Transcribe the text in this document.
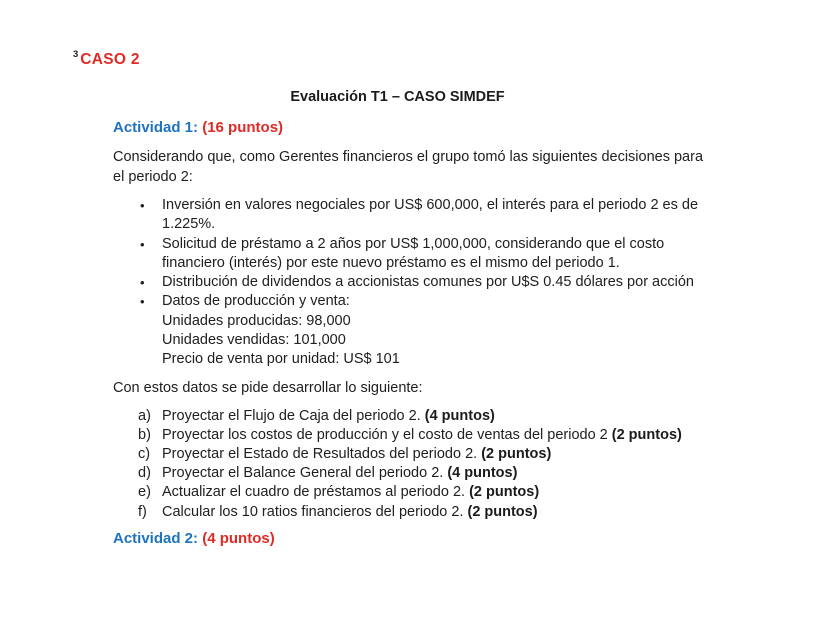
$^3$ CASO 2
Evaluación T1 – CASO SIMDEF
Actividad 1: (16 puntos)

Considerando que, como Gerentes financieros el grupo tomó las siguientes decisiones para el periodo 2:

• Inversión en valores negociales por US$ 600,000, el interés para el periodo 2 es de 1.225%.
• Solicitud de préstamo a 2 años por US$ 1,000,000, considerando que el costo financiero (interés) por este nuevo préstamo es el mismo del periodo 1.
• Distribución de dividendos a accionistas comunes por U$S 0.45 dólares por acción
• Datos de producción y venta:
Unidades producidas: 98,000
Unidades vendidas: 101,000
Precio de venta por unidad: US$ 101

Con estos datos se pide desarrollar lo siguiente:

a) Proyectar el Flujo de Caja del periodo 2. (4 puntos)
b) Proyectar los costos de producción y el costo de ventas del periodo 2 (2 puntos)
c) Proyectar el Estado de Resultados del periodo 2. (2 puntos)
d) Proyectar el Balance General del periodo 2. (4 puntos)
e) Actualizar el cuadro de préstamos al periodo 2. (2 puntos)
f) Calcular los 10 ratios financieros del periodo 2. (2 puntos)
Actividad 2: (4 puntos)
